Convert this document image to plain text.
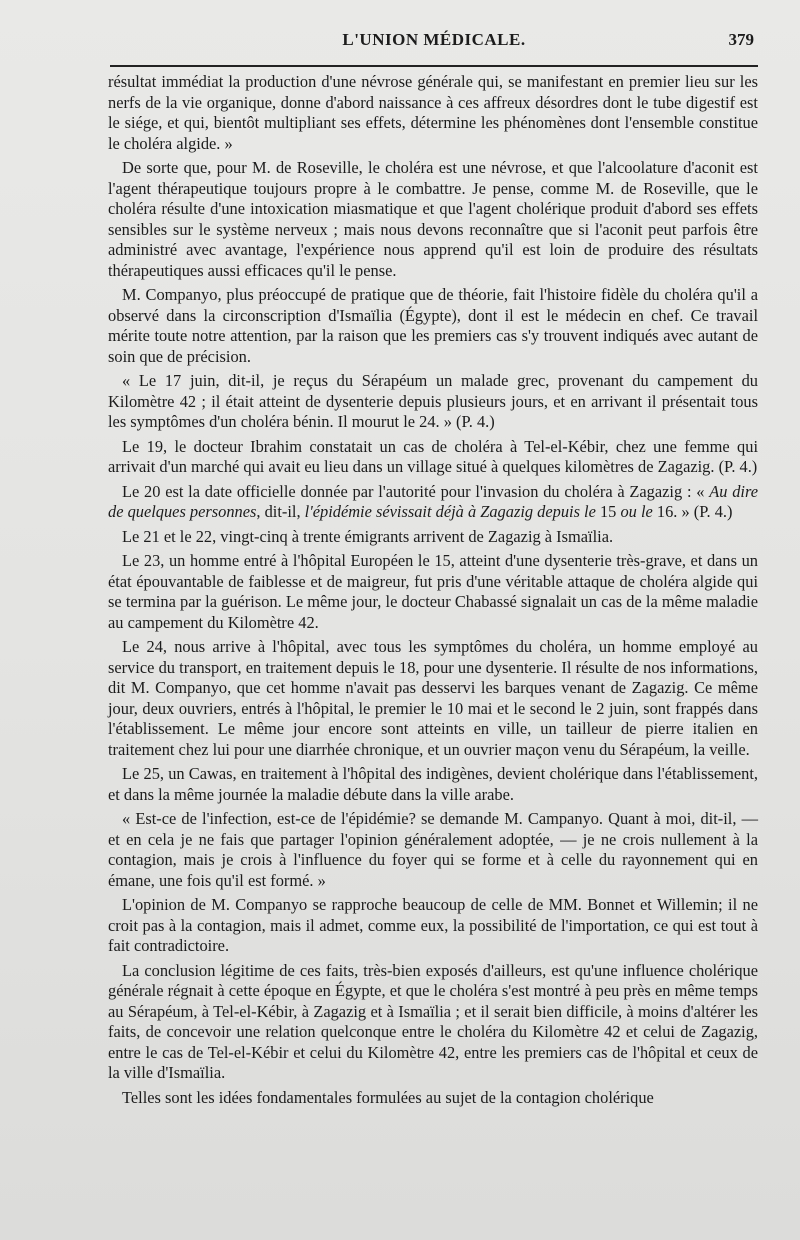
L'UNION MÉDICALE.	379

résultat immédiat la production d'une névrose générale qui, se manifestant en premier lieu sur les nerfs de la vie organique, donne d'abord naissance à ces affreux désordres dont le tube digestif est le siége, et qui, bientôt multipliant ses effets, détermine les phénomènes dont l'ensemble constitue le choléra algide. »

De sorte que, pour M. de Roseville, le choléra est une névrose, et que l'alcoolature d'aconit est l'agent thérapeutique toujours propre à le combattre. Je pense, comme M. de Roseville, que le choléra résulte d'une intoxication miasmatique et que l'agent cholérique produit d'abord ses effets sensibles sur le système nerveux ; mais nous devons reconnaître que si l'aconit peut parfois être administré avec avantage, l'expérience nous apprend qu'il est loin de produire des résultats thérapeutiques aussi efficaces qu'il le pense.

M. Companyo, plus préoccupé de pratique que de théorie, fait l'histoire fidèle du choléra qu'il a observé dans la circonscription d'Ismaïlia (Égypte), dont il est le médecin en chef. Ce travail mérite toute notre attention, par la raison que les premiers cas s'y trouvent indiqués avec autant de soin que de précision.

« Le 17 juin, dit-il, je reçus du Sérapéum un malade grec, provenant du campement du Kilomètre 42 ; il était atteint de dysenterie depuis plusieurs jours, et en arrivant il présentait tous les symptômes d'un choléra bénin. Il mourut le 24. » (P. 4.)

Le 19, le docteur Ibrahim constatait un cas de choléra à Tel-el-Kébir, chez une femme qui arrivait d'un marché qui avait eu lieu dans un village situé à quelques kilomètres de Zagazig. (P. 4.)

Le 20 est la date officielle donnée par l'autorité pour l'invasion du choléra à Zagazig : « Au dire de quelques personnes, dit-il, l'épidémie sévissait déjà à Zagazig depuis le 15 ou le 16. » (P. 4.)

Le 21 et le 22, vingt-cinq à trente émigrants arrivent de Zagazig à Ismaïlia.

Le 23, un homme entré à l'hôpital Européen le 15, atteint d'une dysenterie très-grave, et dans un état épouvantable de faiblesse et de maigreur, fut pris d'une véritable attaque de choléra algide qui se termina par la guérison. Le même jour, le docteur Chabassé signalait un cas de la même maladie au campement du Kilomètre 42.

Le 24, nous arrive à l'hôpital, avec tous les symptômes du choléra, un homme employé au service du transport, en traitement depuis le 18, pour une dysenterie. Il résulte de nos informations, dit M. Companyo, que cet homme n'avait pas desservi les barques venant de Zagazig. Ce même jour, deux ouvriers, entrés à l'hôpital, le premier le 10 mai et le second le 2 juin, sont frappés dans l'établissement. Le même jour encore sont atteints en ville, un tailleur de pierre italien en traitement chez lui pour une diarrhée chronique, et un ouvrier maçon venu du Sérapéum, la veille.

Le 25, un Cawas, en traitement à l'hôpital des indigènes, devient cholérique dans l'établissement, et dans la même journée la maladie débute dans la ville arabe.

« Est-ce de l'infection, est-ce de l'épidémie? se demande M. Campanyo. Quant à moi, dit-il, — et en cela je ne fais que partager l'opinion généralement adoptée, — je ne crois nullement à la contagion, mais je crois à l'influence du foyer qui se forme et à celle du rayonnement qui en émane, une fois qu'il est formé. »

L'opinion de M. Companyo se rapproche beaucoup de celle de MM. Bonnet et Willemin; il ne croit pas à la contagion, mais il admet, comme eux, la possibilité de l'importation, ce qui est tout à fait contradictoire.

La conclusion légitime de ces faits, très-bien exposés d'ailleurs, est qu'une influence cholérique générale régnait à cette époque en Égypte, et que le choléra s'est montré à peu près en même temps au Sérapéum, à Tel-el-Kébir, à Zagazig et à Ismaïlia ; et il serait bien difficile, à moins d'altérer les faits, de concevoir une relation quelconque entre le choléra du Kilomètre 42 et celui de Zagazig, entre le cas de Tel-el-Kébir et celui du Kilomètre 42, entre les premiers cas de l'hôpital et ceux de la ville d'Ismaïlia.

Telles sont les idées fondamentales formulées au sujet de la contagion cholérique
